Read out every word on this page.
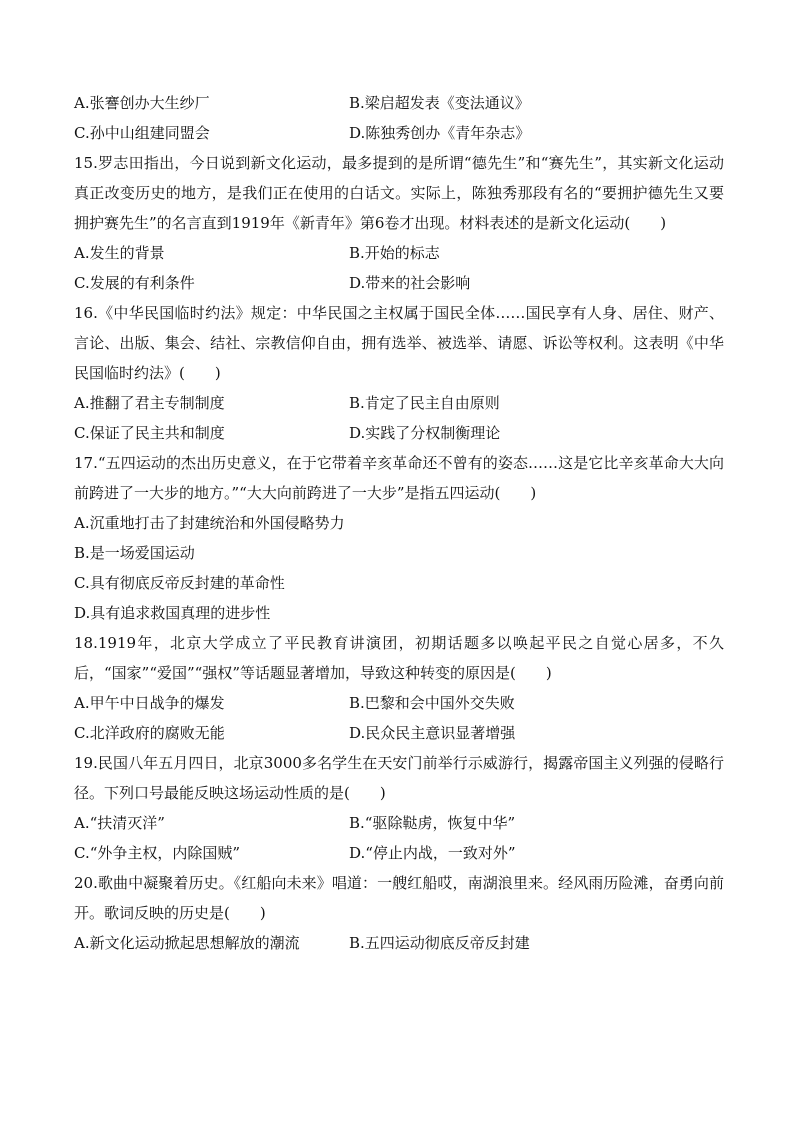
A.张謇创办大生纱厂	B.梁启超发表《变法通议》
C.孙中山组建同盟会	D.陈独秀创办《青年杂志》

15.罗志田指出，今日说到新文化运动，最多提到的是所谓“德先生”和“赛先生”，其实新文化运动真正改变历史的地方，是我们正在使用的白话文。实际上，陈独秀那段有名的“要拥护德先生又要拥护赛先生”的名言直到1919年《新青年》第6卷才出现。材料表述的是新文化运动(　　)

A.发生的背景	B.开始的标志
C.发展的有利条件	D.带来的社会影响

16.《中华民国临时约法》规定：中华民国之主权属于国民全体……国民享有人身、居住、财产、言论、出版、集会、结社、宗教信仰自由，拥有选举、被选举、请愿、诉讼等权利。这表明《中华民国临时约法》(　　)

A.推翻了君主专制制度	B.肯定了民主自由原则
C.保证了民主共和制度	D.实践了分权制衡理论

17.“五四运动的杰出历史意义，在于它带着辛亥革命还不曾有的姿态……这是它比辛亥革命大大向前跨进了一大步的地方。”“大大向前跨进了一大步”是指五四运动(　　)

A.沉重地打击了封建统治和外国侵略势力
B.是一场爱国运动
C.具有彻底反帝反封建的革命性
D.具有追求救国真理的进步性

18.1919年，北京大学成立了平民教育讲演团，初期话题多以唤起平民之自觉心居多，不久后，“国家”“爱国”“强权”等话题显著增加，导致这种转变的原因是(　　)

A.甲午中日战争的爆发	B.巴黎和会中国外交失败
C.北洋政府的腐败无能	D.民众民主意识显著增强

19.民国八年五月四日，北京3000多名学生在天安门前举行示威游行，揭露帝国主义列强的侵略行径。下列口号最能反映这场运动性质的是(　　)

A.“扶清灭洋”	B.“驱除鞑虏，恢复中华”
C.“外争主权，内除国贼”	D.“停止内战，一致对外”

20.歌曲中凝聚着历史。《红船向未来》唱道：一艘红船哎，南湖浪里来。经风雨历险滩，奋勇向前开。歌词反映的历史是(　　)

A.新文化运动掀起思想解放的潮流	B.五四运动彻底反帝反封建
